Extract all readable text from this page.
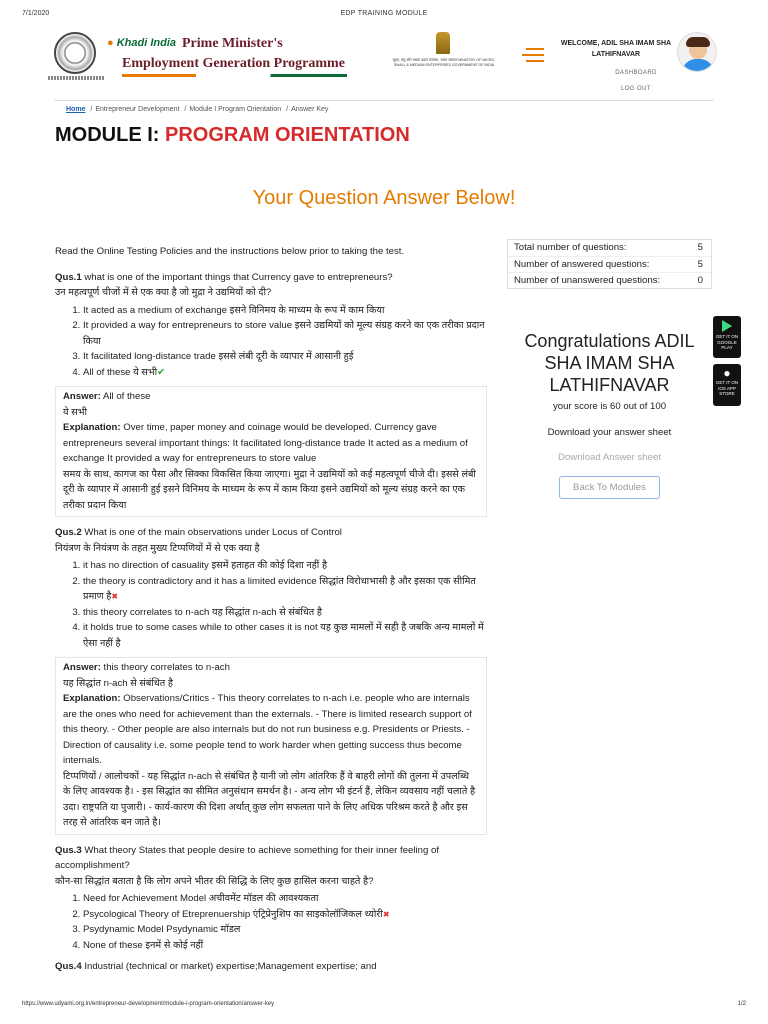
7/1/2020	EDP TRAINING MODULE
● Khadi India Prime Minister's
Employment Generation Programme	सूक्ष्म, लघु और मध्यम उद्यम मंत्रालय, भारत सरकार MINISTRY OF MICRO, SMALL & MEDIUM ENTERPRISES GOVERNMENT OF INDIA
WELCOME, ADIL SHA IMAM SHA LATHIFNAVAR
DASHBOARD
LOG OUT
Home / Entrepreneur Development / Module I Program Orientation / Answer Key
MODULE I: PROGRAM ORIENTATION
Your Question Answer Below!

Read the Online Testing Policies and the instructions below prior to taking the test.

Qus.1 what is one of the important things that Currency gave to entrepreneurs?

उन महत्वपूर्ण चीजों में से एक क्या है जो मुद्रा ने उद्यमियों को दी?

1. It acted as a medium of exchange इसने विनिमय के माध्यम के रूप में काम किया
2. It provided a way for entrepreneurs to store value इसने उद्यमियों को मूल्य संग्रह करने का एक तरीका प्रदान किया
3. It facilitated long-distance trade इससे लंबी दूरी के व्यापार में आसानी हुई
4. All of these ये सभी✔

Answer: All of these

ये सभी

Explanation: Over time, paper money and coinage would be developed. Currency gave entrepreneurs several important things: It facilitated long-distance trade It acted as a medium of exchange It provided a way for entrepreneurs to store value

समय के साथ, कागज का पैसा और सिक्का विकसित किया जाएगा। मुद्रा ने उद्यमियों को कई महत्वपूर्ण चीजे दी। इससे लंबी दूरी के व्यापार में आसानी हुई इसने विनिमय के माध्यम के रूप में काम किया इसने उद्यमियों को मूल्य संग्रह करने का एक तरीका प्रदान किया

Qus.2 What is one of the main observations under Locus of Control

नियंत्रण के नियंत्रण के तहत मुख्य टिप्पणियों में से एक क्या है

1. it has no direction of casuality इसमें हताहत की कोई दिशा नहीं है
2. the theory is contradictory and it has a limited evidence सिद्धांत विरोधाभासी है और इसका एक सीमित प्रमाण है✖
3. this theory correlates to n-ach यह सिद्धांत n-ach से संबंधित है
4. it holds true to some cases while to other cases it is not यह कुछ मामलों में सही है जबकि अन्य मामलों में ऐसा नहीं है

Answer: this theory correlates to n-ach

यह सिद्धांत n-ach से संबंधित है

Explanation: Observations/Critics - This theory correlates to n-ach i.e. people who are internals are the ones who need for achievement than the externals. - There is limited research support of this theory. - Other people are also internals but do not run business e.g. Presidents or Priests. - Direction of causality i.e. some people tend to work harder when getting success thus become internals.

टिप्पणियों / आलोचकों - यह सिद्धांत n-ach से संबंधित है यानी जो लोग आंतरिक हैं वे बाहरी लोगों की तुलना में उपलब्धि के लिए आवश्यक है। - इस सिद्धांत का सीमित अनुसंधान समर्थन है। - अन्य लोग भी इंटर्न हैं, लेकिन व्यवसाय नहीं चलाते है उदा। राष्ट्रपति या पुजारी। - कार्य-कारण की दिशा अर्थात् कुछ लोग सफलता पाने के लिए अधिक परिश्रम करते है और इस तरह से आंतरिक बन जाते है।

Qus.3 What theory States that people desire to achieve something for their inner feeling of accomplishment?

कौन-सा सिद्धांत बताता है कि लोग अपने भीतर की सिद्धि के लिए कुछ हासिल करना चाहते है?

1. Need for Achievement Model अचीवमेंट मॉडल की आवश्यकता
2. Psycological Theory of Etreprenuership एंट्रिप्रेनुशिप का साइकोलॉजिकल थ्योरी✖
3. Psydynamic Model Psydynamic मॉडल
4. None of these इनमें से कोई नहीं

Qus.4 Industrial (technical or market) expertise;Management expertise; and

Total number of questions:	5
Number of answered questions:	5
Number of unanswered questions:	0
Congratulations ADIL SHA IMAM SHA LATHIFNAVAR
your score is 60 out of 100
Download your answer sheet
Download Answer sheet
Back To Modules
GET IT ON GOOGLE PLAY
●
GET IT ON IOS APP STORE
https://www.udyami.org.in/entrepreneur-development/module-i-program-orientation/answer-key	1/2
